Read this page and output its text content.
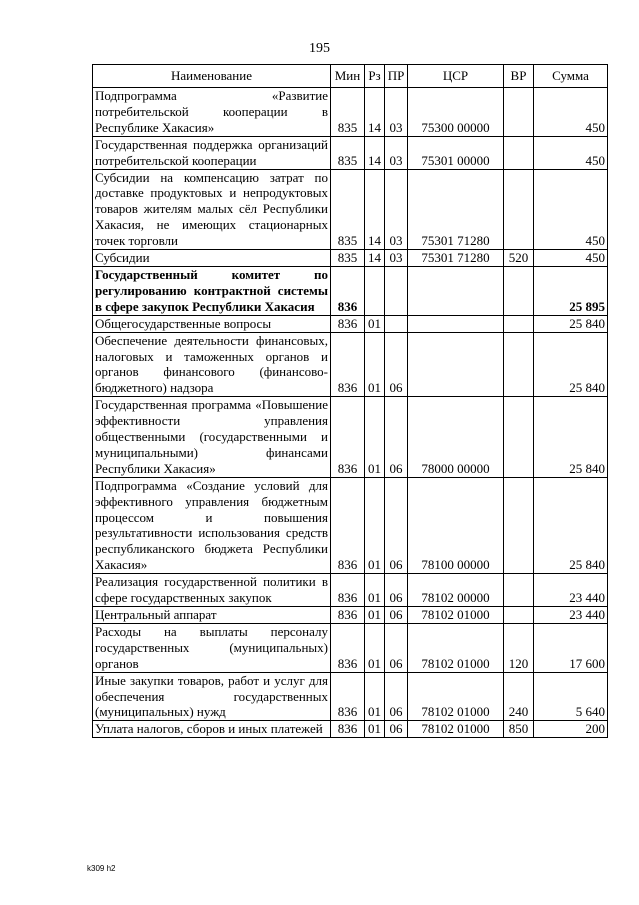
195
Наименование	Мин	Рз	ПР	ЦСР	ВР	Сумма
Подпрограмма «Развитие потребительской кооперации в Республике Хакасия»	835	14	03	75300 00000		450
Государственная поддержка организаций потребительской кооперации	835	14	03	75301 00000		450
Субсидии на компенсацию затрат по доставке продуктовых и непродуктовых товаров жителям малых сёл Республики Хакасия, не имеющих стационарных точек торговли	835	14	03	75301 71280		450
Субсидии	835	14	03	75301 71280	520	450
Государственный комитет по регулированию контрактной системы в сфере закупок Республики Хакасия	836					25 895
Общегосударственные вопросы	836	01				25 840
Обеспечение деятельности финансовых, налоговых и таможенных органов и органов финансового (финансово-бюджетного) надзора	836	01	06			25 840
Государственная программа «Повышение эффективности управления общественными (государственными и муниципальными) финансами Республики Хакасия»	836	01	06	78000 00000		25 840
Подпрограмма «Создание условий для эффективного управления бюджетным процессом и повышения результативности использования средств республиканского бюджета Республики Хакасия»	836	01	06	78100 00000		25 840
Реализация государственной политики в сфере государственных закупок	836	01	06	78102 00000		23 440
Центральный аппарат	836	01	06	78102 01000		23 440
Расходы на выплаты персоналу государственных (муниципальных) органов	836	01	06	78102 01000	120	17 600
Иные закупки товаров, работ и услуг для обеспечения государственных (муниципальных) нужд	836	01	06	78102 01000	240	5 640
Уплата налогов, сборов и иных платежей	836	01	06	78102 01000	850	200
k309 h2
